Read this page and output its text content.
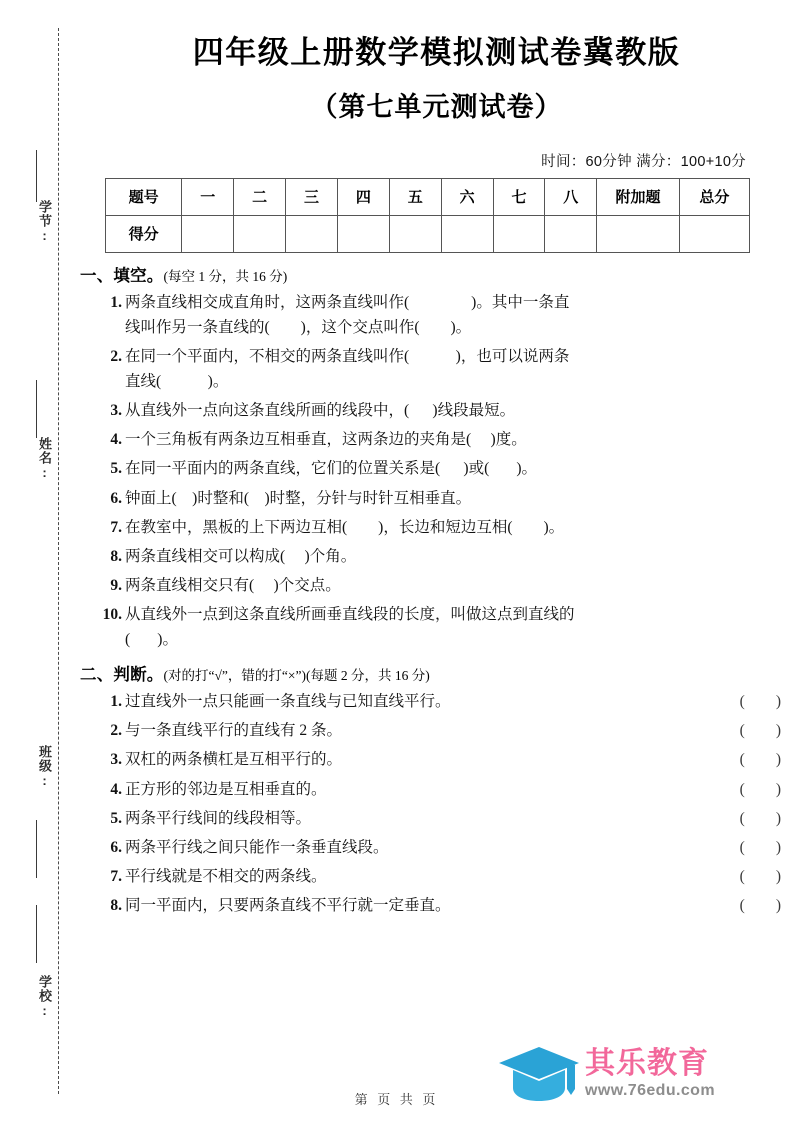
学节:
姓名:
班级:
学校:
四年级上册数学模拟测试卷冀教版
（第七单元测试卷）
时间：60分钟 满分：100+10分
题号	一	二	三	四	五	六	七	八	附加题	总分
得分										
一、填空。(每空 1 分，共 16 分)
1. 两条直线相交成直角时，这两条直线叫作(                )。其中一条直
线叫作另一条直线的(        )，这个交点叫作(        )。
2. 在同一个平面内，不相交的两条直线叫作(            )，也可以说两条
直线(            )。
3. 从直线外一点向这条直线所画的线段中，(      )线段最短。
4. 一个三角板有两条边互相垂直，这两条边的夹角是(     )度。
5. 在同一平面内的两条直线，它们的位置关系是(      )或(       )。
6. 钟面上(    )时整和(    )时整，分针与时针互相垂直。
7. 在教室中，黑板的上下两边互相(        )，长边和短边互相(        )。
8. 两条直线相交可以构成(     )个角。
9. 两条直线相交只有(     )个交点。
10. 从直线外一点到这条直线所画垂直线段的长度，叫做这点到直线的
(       )。
二、判断。(对的打“√”，错的打“×”)(每题 2 分，共 16 分)
1. 过直线外一点只能画一条直线与已知直线平行。	(        )
2. 与一条直线平行的直线有 2 条。	(        )
3. 双杠的两条横杠是互相平行的。	(        )
4. 正方形的邻边是互相垂直的。	(        )
5. 两条平行线间的线段相等。	(        )
6. 两条平行线之间只能作一条垂直线段。	(        )
7. 平行线就是不相交的两条线。	(        )
8. 同一平面内，只要两条直线不平行就一定垂直。	(        )
第 页 共 页
其乐教育
www.76edu.com
